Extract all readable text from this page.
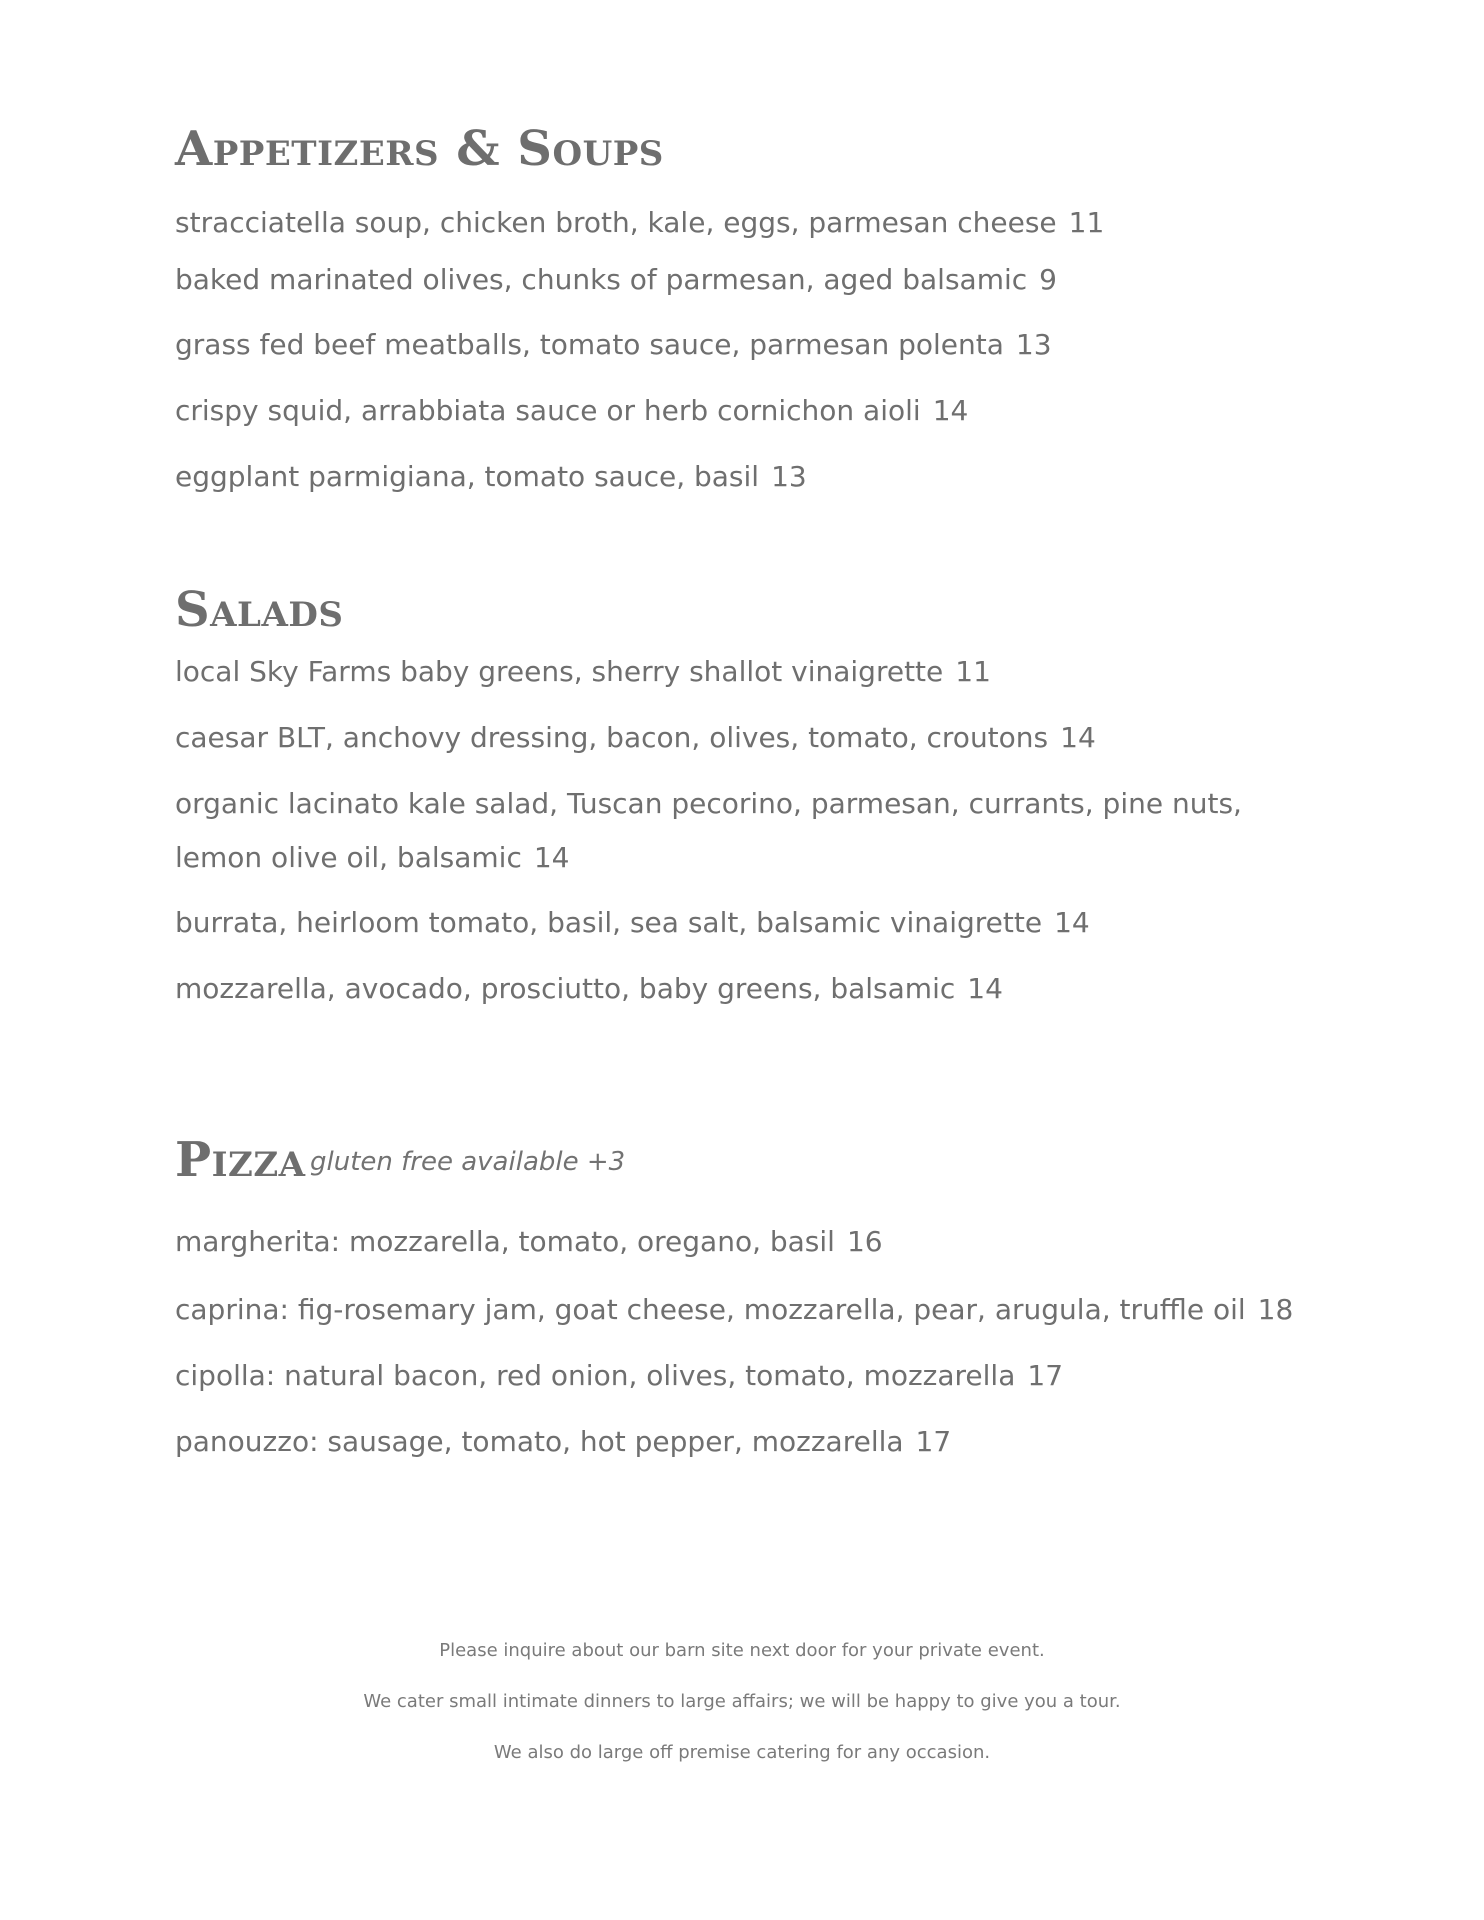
Appetizers & Soups

stracciatella soup, chicken broth, kale, eggs, parmesan cheese 11

baked marinated olives, chunks of parmesan, aged balsamic 9

grass fed beef meatballs, tomato sauce, parmesan polenta 13

crispy squid, arrabbiata sauce or herb cornichon aioli 14

eggplant parmigiana, tomato sauce, basil 13

Salads

local Sky Farms baby greens, sherry shallot vinaigrette 11

caesar BLT, anchovy dressing, bacon, olives, tomato, croutons 14

organic lacinato kale salad, Tuscan pecorino, parmesan, currants, pine nuts, lemon olive oil, balsamic 14

burrata, heirloom tomato, basil, sea salt, balsamic vinaigrette 14

mozzarella, avocado, prosciutto, baby greens, balsamic 14

Pizza gluten free available +3

margherita: mozzarella, tomato, oregano, basil 16

caprina: fig-rosemary jam, goat cheese, mozzarella, pear, arugula, truffle oil 18

cipolla: natural bacon, red onion, olives, tomato, mozzarella 17

panouzzo: sausage, tomato, hot pepper, mozzarella 17

Please inquire about our barn site next door for your private event.

We cater small intimate dinners to large affairs; we will be happy to give you a tour.

We also do large off premise catering for any occasion.
